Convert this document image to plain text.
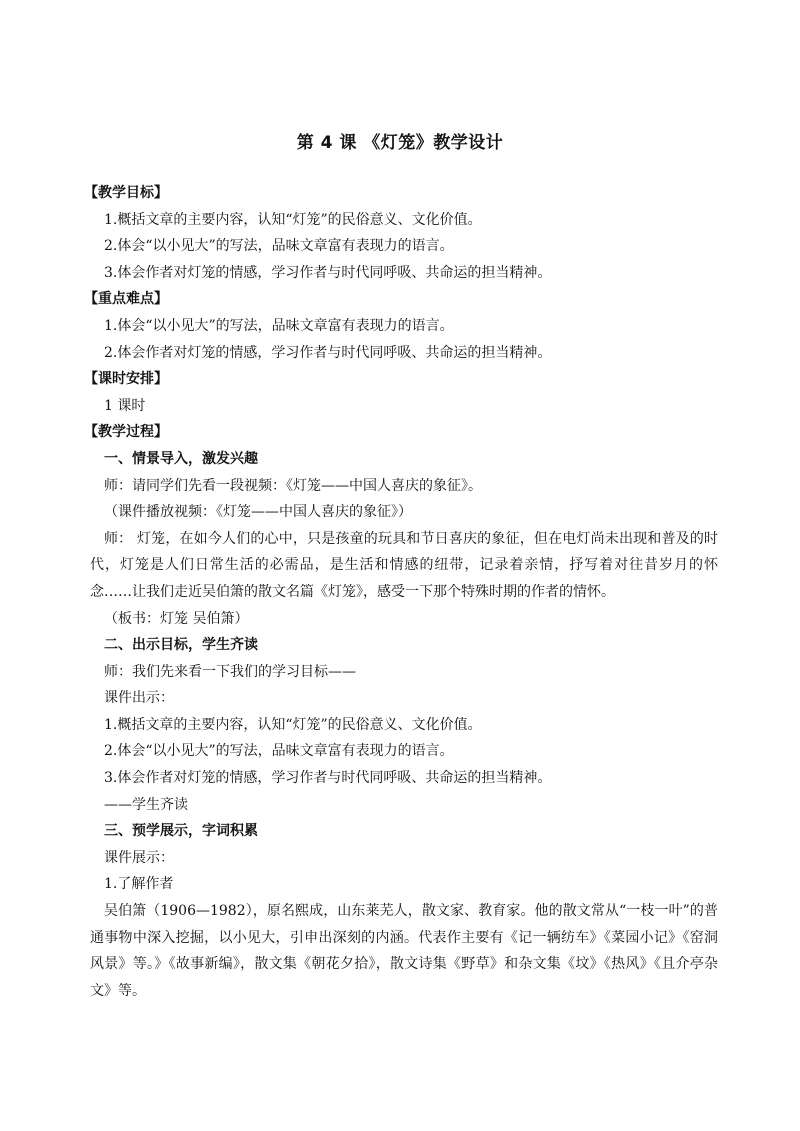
第 4 课 《灯笼》教学设计
【教学目标】
1.概括文章的主要内容，认知“灯笼”的民俗意义、文化价值。
2.体会“以小见大”的写法，品味文章富有表现力的语言。
3.体会作者对灯笼的情感，学习作者与时代同呼吸、共命运的担当精神。
【重点难点】
1.体会“以小见大”的写法，品味文章富有表现力的语言。
2.体会作者对灯笼的情感，学习作者与时代同呼吸、共命运的担当精神。
【课时安排】
1 课时
【教学过程】
一、情景导入，激发兴趣
师：请同学们先看一段视频：《灯笼——中国人喜庆的象征》。
（课件播放视频：《灯笼——中国人喜庆的象征》）
师： 灯笼，在如今人们的心中，只是孩童的玩具和节日喜庆的象征，但在电灯尚未出现和普及的时代，灯笼是人们日常生活的必需品，是生活和情感的纽带，记录着亲情，抒写着对往昔岁月的怀念……让我们走近吴伯箫的散文名篇《灯笼》，感受一下那个特殊时期的作者的情怀。
（板书：灯笼 吴伯箫）
二、出示目标，学生齐读
师：我们先来看一下我们的学习目标——
课件出示：
1.概括文章的主要内容，认知“灯笼”的民俗意义、文化价值。
2.体会“以小见大”的写法，品味文章富有表现力的语言。
3.体会作者对灯笼的情感，学习作者与时代同呼吸、共命运的担当精神。
——学生齐读
三、预学展示，字词积累
课件展示：
1.了解作者
吴伯箫（1906—1982），原名熙成，山东莱芜人，散文家、教育家。他的散文常从“一枝一叶”的普通事物中深入挖掘，以小见大，引申出深刻的内涵。代表作主要有《记一辆纺车》《菜园小记》《窑洞风景》等。》《故事新编》，散文集《朝花夕拾》，散文诗集《野草》和杂文集《坟》《热风》《且介亭杂文》等。
